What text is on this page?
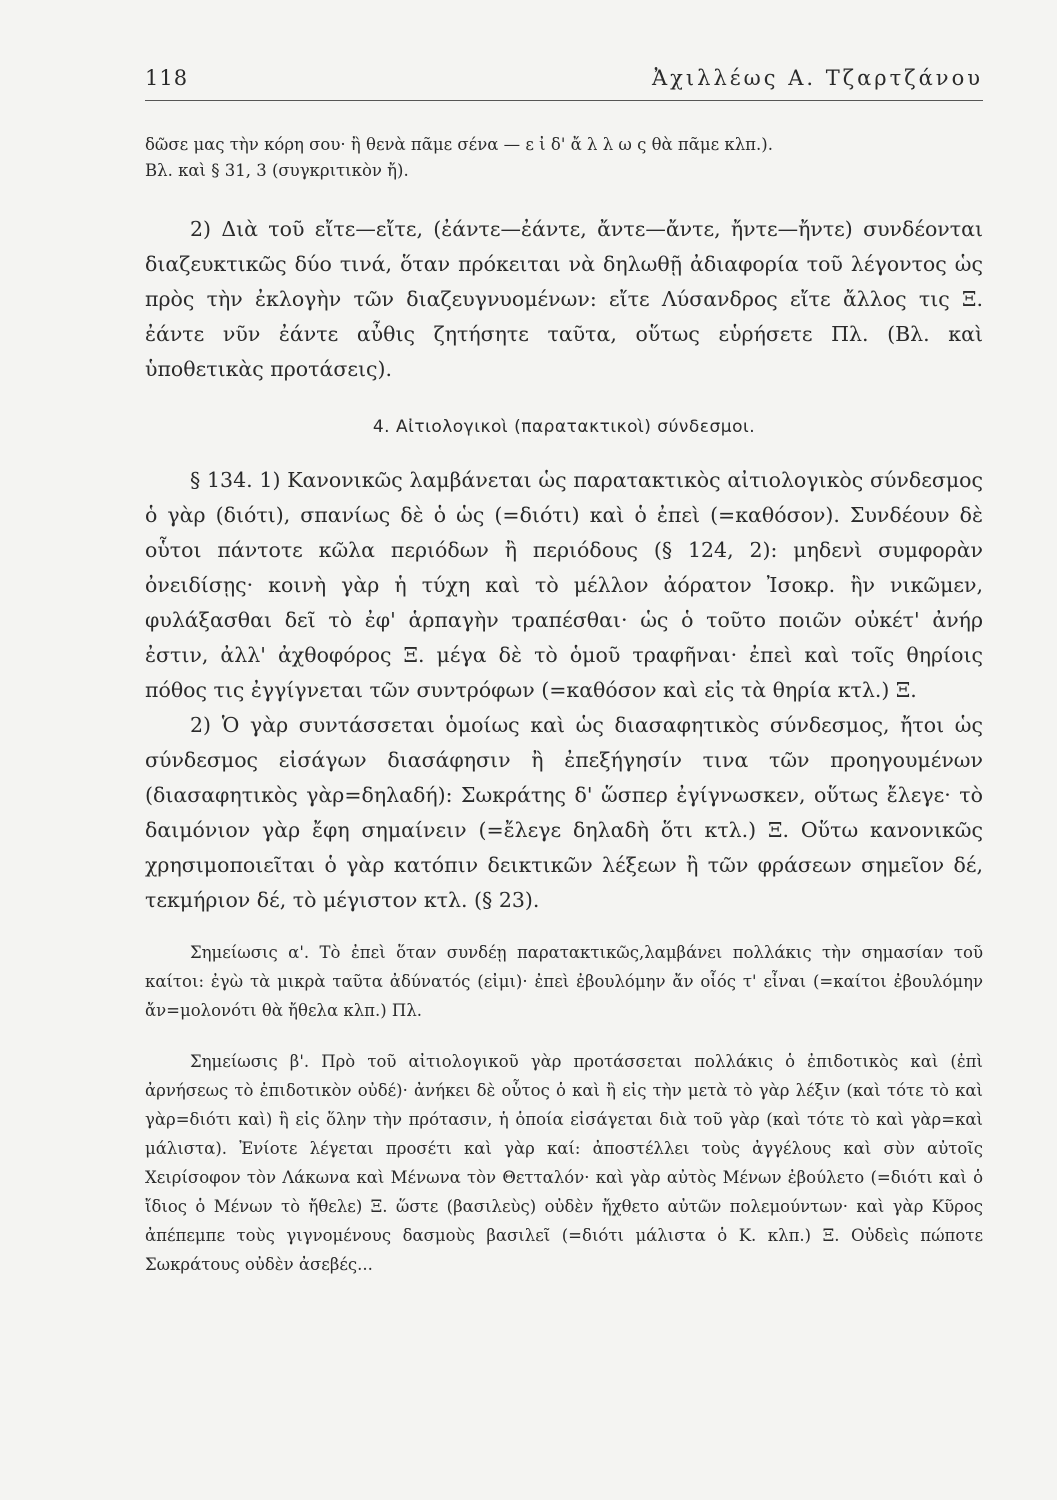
118	Ἀχιλλέως Α. Τζαρτζάνου
δῶσε μας τὴν κόρη σου· ἢ θενὰ πᾶμε σένα — ε ἰ δ' ἄ λ λ ω ς θὰ πᾶμε κλπ.).
Βλ. καὶ § 31, 3 (συγκριτικὸν ἤ).

2) Διὰ τοῦ εἴτε—εἴτε, (ἐάντε—ἐάντε, ἄντε—ἄντε, ἤντε—ἤντε) συνδέονται διαζευκτικῶς δύο τινά, ὅταν πρόκειται νὰ δηλωθῇ ἀδιαφορία τοῦ λέγοντος ὡς πρὸς τὴν ἐκλογὴν τῶν διαζευγνυομένων: εἴτε Λύσανδρος εἴτε ἄλλος τις Ξ. ἐάντε νῦν ἐάντε αὖθις ζητήσητε ταῦτα, οὕτως εὑρήσετε Πλ. (Βλ. καὶ ὑποθετικὰς προτάσεις).

4. Αἰτιολογικοὶ (παρατακτικοὶ) σύνδεσμοι.

§ 134. 1) Κανονικῶς λαμβάνεται ὡς παρατακτικὸς αἰτιολογικὸς σύνδεσμος ὁ γὰρ (διότι), σπανίως δὲ ὁ ὡς (=διότι) καὶ ὁ ἐπεὶ (=καθόσον). Συνδέουν δὲ οὗτοι πάντοτε κῶλα περιόδων ἢ περιόδους (§ 124, 2): μηδενὶ συμφορὰν ὀνειδίσῃς· κοινὴ γὰρ ἡ τύχη καὶ τὸ μέλλον ἀόρατον Ἰσοκρ. ἢν νικῶμεν, φυλάξασθαι δεῖ τὸ ἐφ' ἁρπαγὴν τραπέσθαι· ὡς ὁ τοῦτο ποιῶν οὐκέτ' ἀνήρ ἐστιν, ἀλλ' ἀχθοφόρος Ξ. μέγα δὲ τὸ ὁμοῦ τραφῆναι· ἐπεὶ καὶ τοῖς θηρίοις πόθος τις ἐγγίγνεται τῶν συντρόφων (=καθόσον καὶ εἰς τὰ θηρία κτλ.) Ξ.

2) Ὁ γὰρ συντάσσεται ὁμοίως καὶ ὡς διασαφητικὸς σύνδεσμος, ἤτοι ὡς σύνδεσμος εἰσάγων διασάφησιν ἢ ἐπεξήγησίν τινα τῶν προηγουμένων (διασαφητικὸς γὰρ=δηλαδή): Σωκράτης δ' ὥσπερ ἐγίγνωσκεν, οὕτως ἔλεγε· τὸ δαιμόνιον γὰρ ἔφη σημαίνειν (=ἔλεγε δηλαδὴ ὅτι κτλ.) Ξ. Οὕτω κανονικῶς χρησιμοποιεῖται ὁ γὰρ κατόπιν δεικτικῶν λέξεων ἢ τῶν φράσεων σημεῖον δέ, τεκμήριον δέ, τὸ μέγιστον κτλ. (§ 23).

Σημείωσις α'. Τὸ ἐπεὶ ὅταν συνδέῃ παρατακτικῶς,λαμβάνει πολλάκις τὴν σημασίαν τοῦ καίτοι: ἐγὼ τὰ μικρὰ ταῦτα ἀδύνατός (εἰμι)· ἐπεὶ ἐβουλόμην ἄν οἷός τ' εἶναι (=καίτοι ἐβουλόμην ἄν=μολονότι θὰ ἤθελα κλπ.) Πλ.

Σημείωσις β'. Πρὸ τοῦ αἰτιολογικοῦ γὰρ προτάσσεται πολλάκις ὁ ἐπιδοτικὸς καὶ (ἐπὶ ἀρνήσεως τὸ ἐπιδοτικὸν οὐδέ)· ἀνήκει δὲ οὗτος ὁ καὶ ἢ εἰς τὴν μετὰ τὸ γὰρ λέξιν (καὶ τότε τὸ καὶ γὰρ=διότι καὶ) ἢ εἰς ὅλην τὴν πρότασιν, ἡ ὁποία εἰσάγεται διὰ τοῦ γὰρ (καὶ τότε τὸ καὶ γὰρ=καὶ μάλιστα). Ἐνίοτε λέγεται προσέτι καὶ γὰρ καί: ἀποστέλλει τοὺς ἀγγέλους καὶ σὺν αὐτοῖς Χειρίσοφον τὸν Λάκωνα καὶ Μένωνα τὸν Θετταλόν· καὶ γὰρ αὐτὸς Μένων ἐβούλετο (=διότι καὶ ὁ ἴδιος ὁ Μένων τὸ ἤθελε) Ξ. ὥστε (βασιλεὺς) οὐδὲν ἤχθετο αὐτῶν πολεμούντων· καὶ γὰρ Κῦρος ἀπέπεμπε τοὺς γιγνομένους δασμοὺς βασιλεῖ (=διότι μάλιστα ὁ Κ. κλπ.) Ξ. Οὐδεὶς πώποτε Σωκράτους οὐδὲν ἀσεβές...
